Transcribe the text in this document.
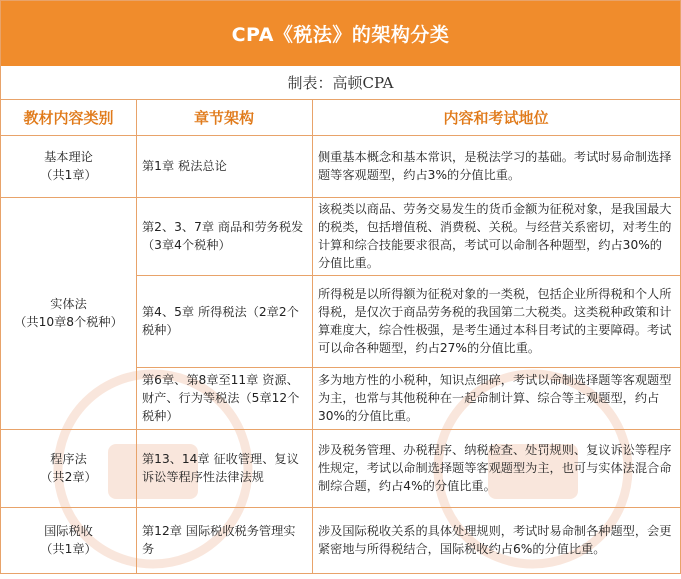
CPA《税法》的架构分类
制表：高顿CPA
教材内容类别	章节架构	内容和考试地位
基本理论
（共1章）
第1章 税法总论
侧重基本概念和基本常识，是税法学习的基础。考试时易命制选择题等客观题型，约占3%的分值比重。
实体法
（共10章8个税种）
第2、3、7章 商品和劳务税发（3章4个税种）
该税类以商品、劳务交易发生的货币金额为征税对象，是我国最大的税类，包括增值税、消费税、关税。与经营关系密切，对考生的计算和综合技能要求很高，考试可以命制各种题型，约占30%的分值比重。
第4、5章 所得税法（2章2个税种）
所得税是以所得额为征税对象的一类税，包括企业所得税和个人所得税，是仅次于商品劳务税的我国第二大税类。这类税种政策和计算难度大，综合性极强，是考生通过本科目考试的主要障碍。考试可以命各种题型，约占27%的分值比重。
第6章、第8章至11章 资源、财产、行为等税法（5章12个税种）
多为地方性的小税种，知识点细碎，考试以命制选择题等客观题型为主，也常与其他税种在一起命制计算、综合等主观题型，约占30%的分值比重。
程序法
（共2章）
第13、14章 征收管理、复议诉讼等程序性法律法规
涉及税务管理、办税程序、纳税检查、处罚规则、复议诉讼等程序性规定，考试以命制选择题等客观题型为主，也可与实体法混合命制综合题，约占4%的分值比重。
国际税收
（共1章）
第12章 国际税收税务管理实务
涉及国际税收关系的具体处理规则，考试时易命制各种题型，会更紧密地与所得税结合，国际税收约占6%的分值比重。
